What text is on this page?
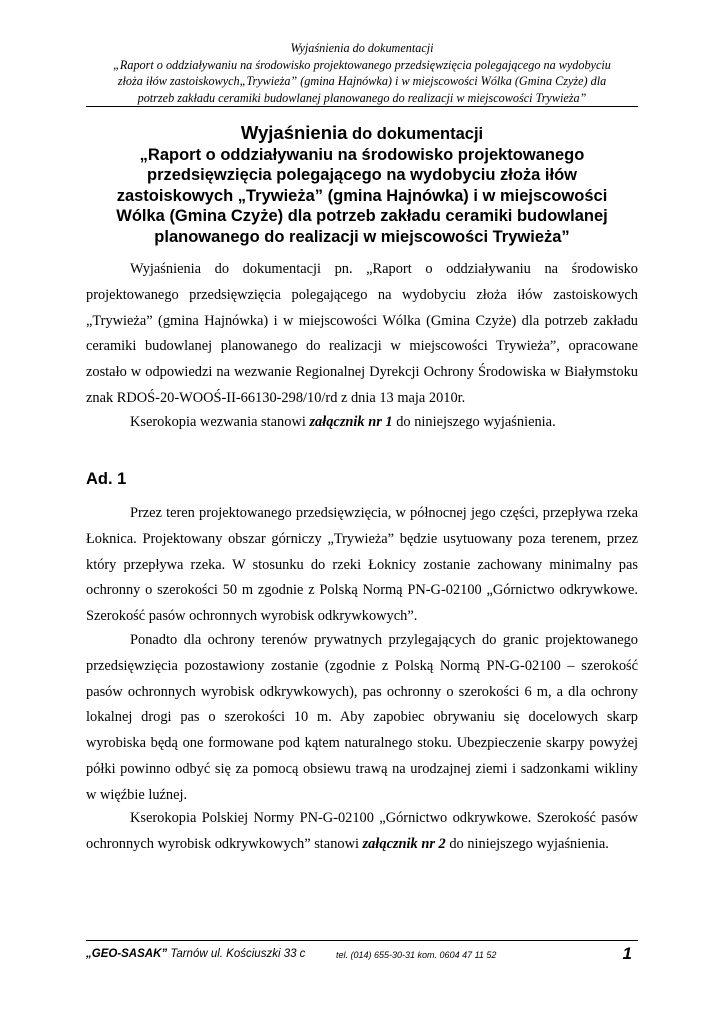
Wyjaśnienia do dokumentacji
„Raport o oddziaływaniu na środowisko projektowanego przedsięwzięcia polegającego na wydobyciu
złoża iłów zastoiskowych„Trywieża” (gmina Hajnówka) i w miejscowości Wólka (Gmina Czyże) dla
potrzeb zakładu ceramiki budowlanej planowanego do realizacji w miejscowości Trywieża”
Wyjaśnienia do dokumentacji
„Raport o oddziaływaniu na środowisko projektowanego
przedsięwzięcia polegającego na wydobyciu złoża iłów
zastoiskowych „Trywieża” (gmina Hajnówka) i w miejscowości
Wólka (Gmina Czyże) dla potrzeb zakładu ceramiki budowlanej
planowanego do realizacji w miejscowości Trywieża”

Wyjaśnienia do dokumentacji pn. „Raport o oddziaływaniu na środowisko projektowanego przedsięwzięcia polegającego na wydobyciu złoża iłów zastoiskowych „Trywieża” (gmina Hajnówka) i w miejscowości Wólka (Gmina Czyże) dla potrzeb zakładu ceramiki budowlanej planowanego do realizacji w miejscowości Trywieża”, opracowane zostało w odpowiedzi na wezwanie Regionalnej Dyrekcji Ochrony Środowiska w Białymstoku znak RDOŚ-20-WOOŚ-II-66130-298/10/rd z dnia 13 maja 2010r.

Kserokopia wezwania stanowi załącznik nr 1 do niniejszego wyjaśnienia.

Ad. 1

Przez teren projektowanego przedsięwzięcia, w północnej jego części, przepływa rzeka Łoknica. Projektowany obszar górniczy „Trywieża” będzie usytuowany poza terenem, przez który przepływa rzeka. W stosunku do rzeki Łoknicy zostanie zachowany minimalny pas ochronny o szerokości 50 m zgodnie z Polską Normą PN-G-02100 „Górnictwo odkrywkowe. Szerokość pasów ochronnych wyrobisk odkrywkowych”.

Ponadto dla ochrony terenów prywatnych przylegających do granic projektowanego przedsięwzięcia pozostawiony zostanie (zgodnie z Polską Normą PN-G-02100 – szerokość pasów ochronnych wyrobisk odkrywkowych), pas ochronny o szerokości 6 m, a dla ochrony lokalnej drogi pas o szerokości 10 m. Aby zapobiec obrywaniu się docelowych skarp wyrobiska będą one formowane pod kątem naturalnego stoku. Ubezpieczenie skarpy powyżej półki powinno odbyć się za pomocą obsiewu trawą na urodzajnej ziemi i sadzonkami wikliny w więźbie luźnej.

Kserokopia Polskiej Normy PN-G-02100 „Górnictwo odkrywkowe. Szerokość pasów ochronnych wyrobisk odkrywkowych” stanowi załącznik nr 2 do niniejszego wyjaśnienia.

„GEO-SASAK” Tarnów ul. Kościuszki 33 c	tel. (014) 655-30-31 kom. 0604 47 11 52	1
